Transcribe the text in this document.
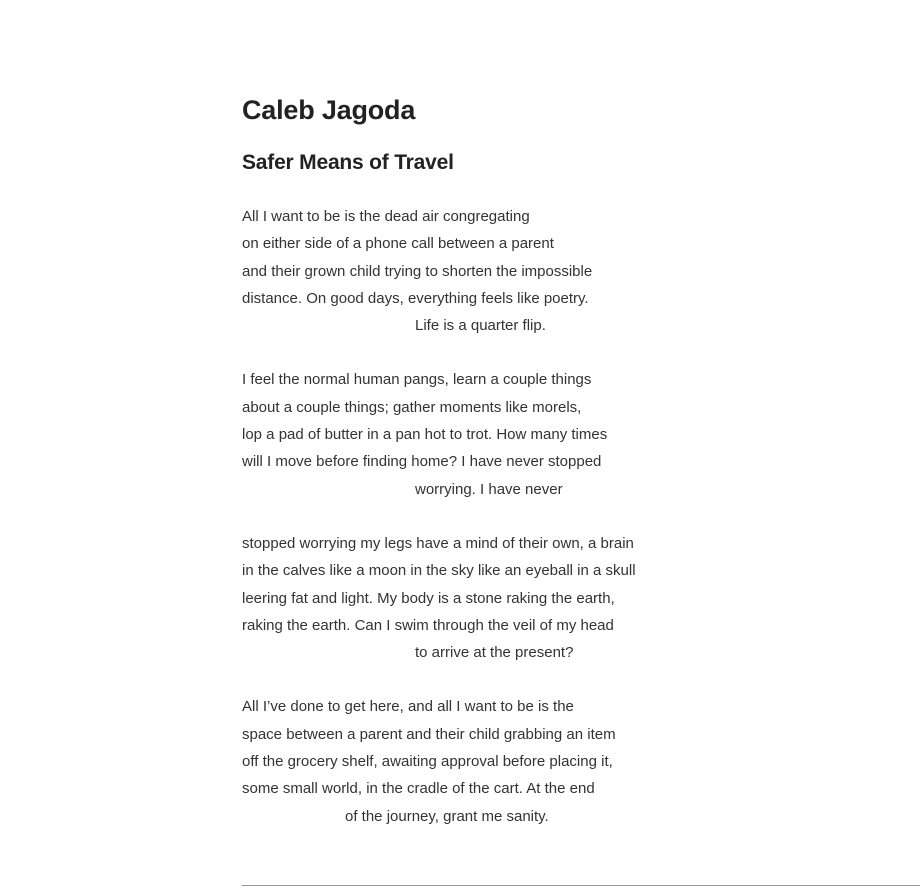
Caleb Jagoda
Safer Means of Travel
All I want to be is the dead air congregating
on either side of a phone call between a parent
and their grown child trying to shorten the impossible
distance. On good days, everything feels like poetry.
Life is a quarter flip.
I feel the normal human pangs, learn a couple things
about a couple things; gather moments like morels,
lop a pad of butter in a pan hot to trot. How many times
will I move before finding home? I have never stopped
worrying. I have never
stopped worrying my legs have a mind of their own, a brain
in the calves like a moon in the sky like an eyeball in a skull
leering fat and light. My body is a stone raking the earth,
raking the earth. Can I swim through the veil of my head
to arrive at the present?
All I’ve done to get here, and all I want to be is the
space between a parent and their child grabbing an item
off the grocery shelf, awaiting approval before placing it,
some small world, in the cradle of the cart. At the end
of the journey, grant me sanity.
